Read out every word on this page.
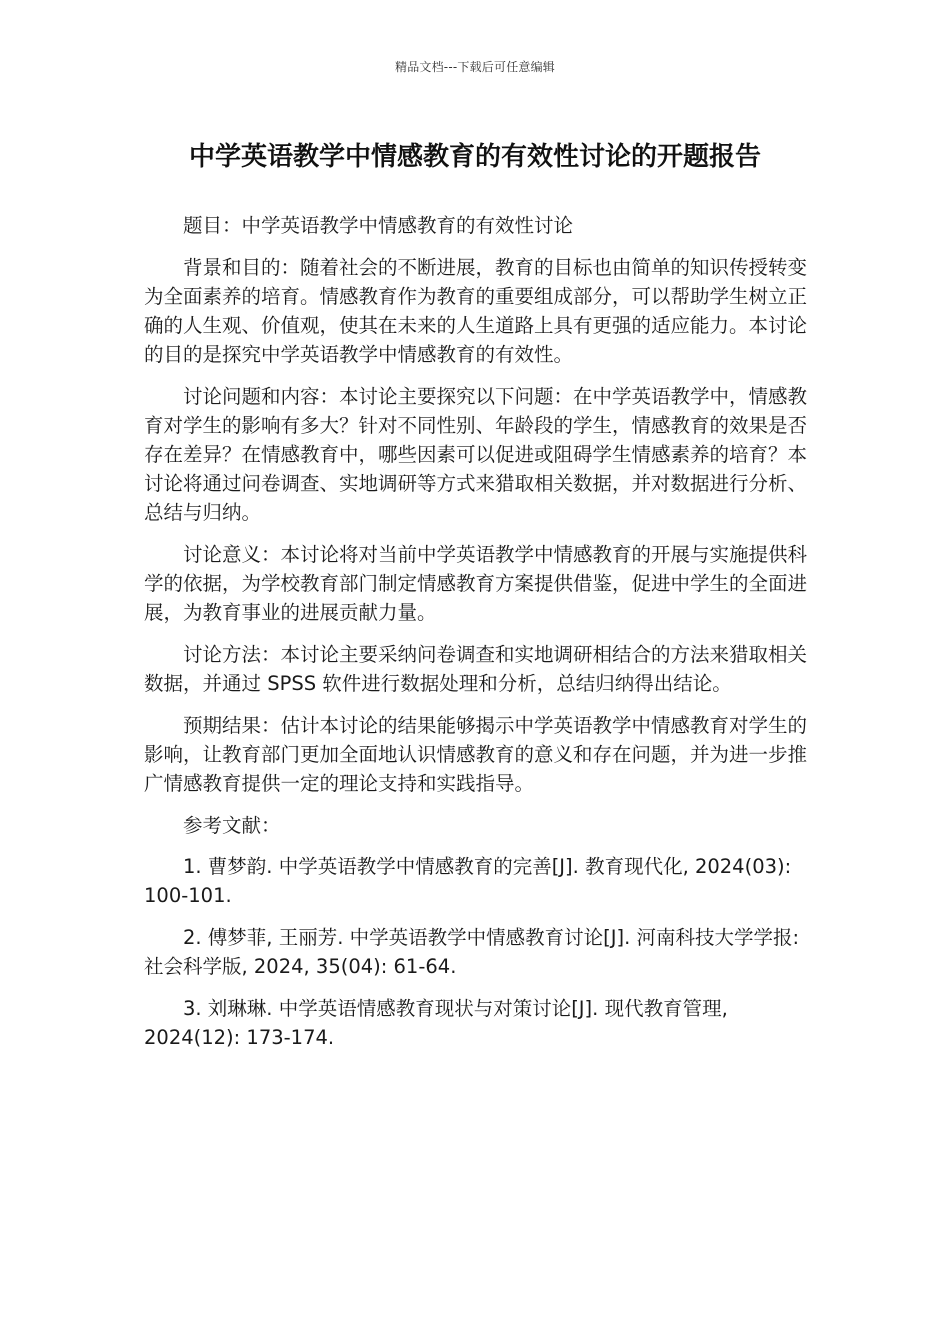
精品文档---下载后可任意编辑
中学英语教学中情感教育的有效性讨论的开题报告

题目：中学英语教学中情感教育的有效性讨论

背景和目的：随着社会的不断进展，教育的目标也由简单的知识传授转变为全面素养的培育。情感教育作为教育的重要组成部分，可以帮助学生树立正确的人生观、价值观，使其在未来的人生道路上具有更强的适应能力。本讨论的目的是探究中学英语教学中情感教育的有效性。

讨论问题和内容：本讨论主要探究以下问题：在中学英语教学中，情感教育对学生的影响有多大？针对不同性别、年龄段的学生，情感教育的效果是否存在差异？在情感教育中，哪些因素可以促进或阻碍学生情感素养的培育？本讨论将通过问卷调查、实地调研等方式来猎取相关数据，并对数据进行分析、总结与归纳。

讨论意义：本讨论将对当前中学英语教学中情感教育的开展与实施提供科学的依据，为学校教育部门制定情感教育方案提供借鉴，促进中学生的全面进展，为教育事业的进展贡献力量。

讨论方法：本讨论主要采纳问卷调查和实地调研相结合的方法来猎取相关数据，并通过 SPSS 软件进行数据处理和分析，总结归纳得出结论。

预期结果：估计本讨论的结果能够揭示中学英语教学中情感教育对学生的影响，让教育部门更加全面地认识情感教育的意义和存在问题，并为进一步推广情感教育提供一定的理论支持和实践指导。

参考文献：

1. 曹梦韵. 中学英语教学中情感教育的完善[J]. 教育现代化, 2024(03): 100-101.

2. 傅梦菲, 王丽芳. 中学英语教学中情感教育讨论[J]. 河南科技大学学报: 社会科学版, 2024, 35(04): 61-64.

3. 刘琳琳. 中学英语情感教育现状与对策讨论[J]. 现代教育管理, 2024(12): 173-174.
